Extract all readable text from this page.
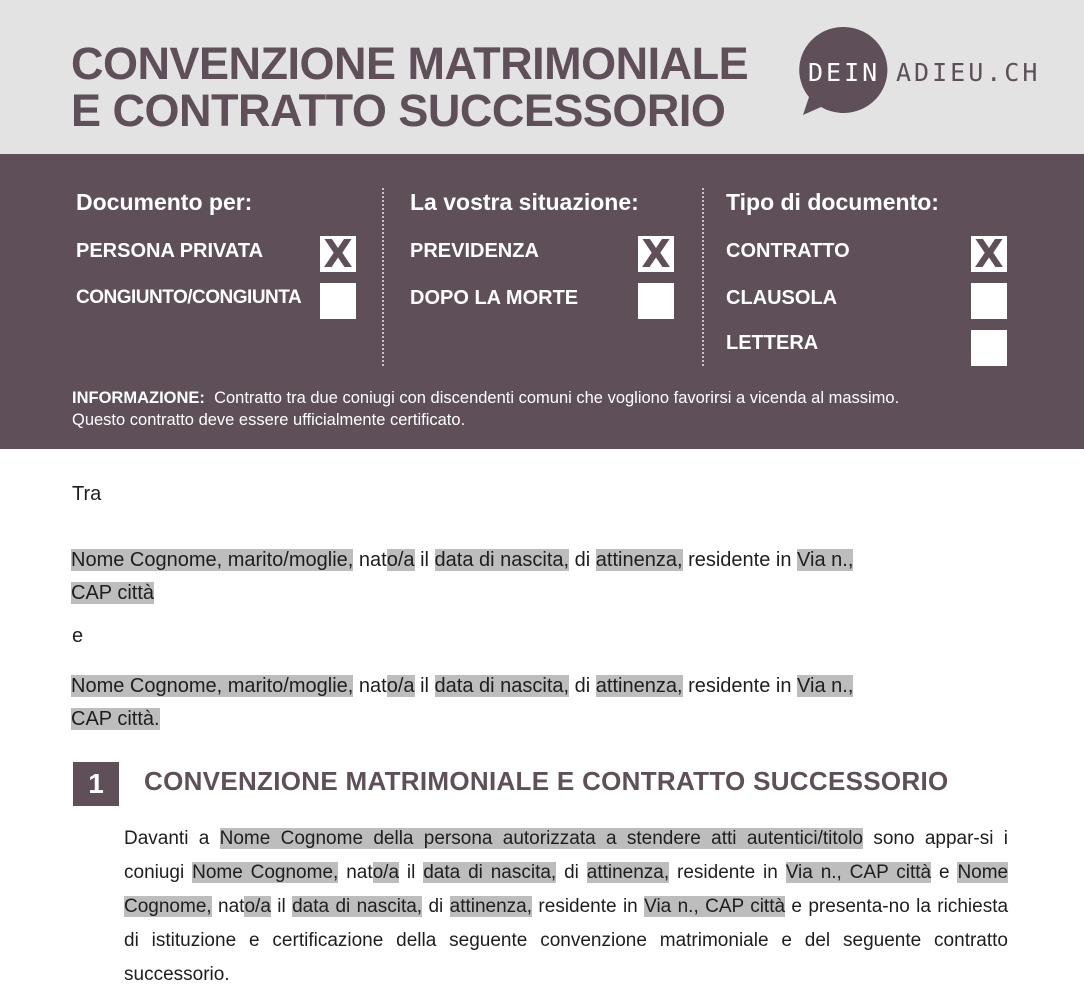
CONVENZIONE MATRIMONIALE
E CONTRATTO SUCCESSORIO
DEIN ADIEU.CH
Documento per:
PERSONA PRIVATA X
CONGIUNTO/CONGIUNTA
La vostra situazione:
PREVIDENZA	X
DOPO LA MORTE
Tipo di documento:
CONTRATTO	X
CLAUSOLA
LETTERA
INFORMAZIONE: Contratto tra due coniugi con discendenti comuni che vogliono favorirsi a vicenda al massimo.
Questo contratto deve essere ufficialmente certificato.
Tra
Nome Cognome, marito/moglie, nato/a il data di nascita, di attinenza, residente in Via n.,
CAP città
e
Nome Cognome, marito/moglie, nato/a il data di nascita, di attinenza, residente in Via n.,
CAP città.
1	CONVENZIONE MATRIMONIALE E CONTRATTO SUCCESSORIO
Davanti a Nome Cognome della persona autorizzata a stendere atti autentici/titolo sono appar-si i coniugi Nome Cognome, nato/a il data di nascita, di attinenza, residente in Via n., CAP città e Nome Cognome, nato/a il data di nascita, di attinenza, residente in Via n., CAP città e presenta-no la richiesta di istituzione e certificazione della seguente convenzione matrimoniale e del seguente contratto successorio.
